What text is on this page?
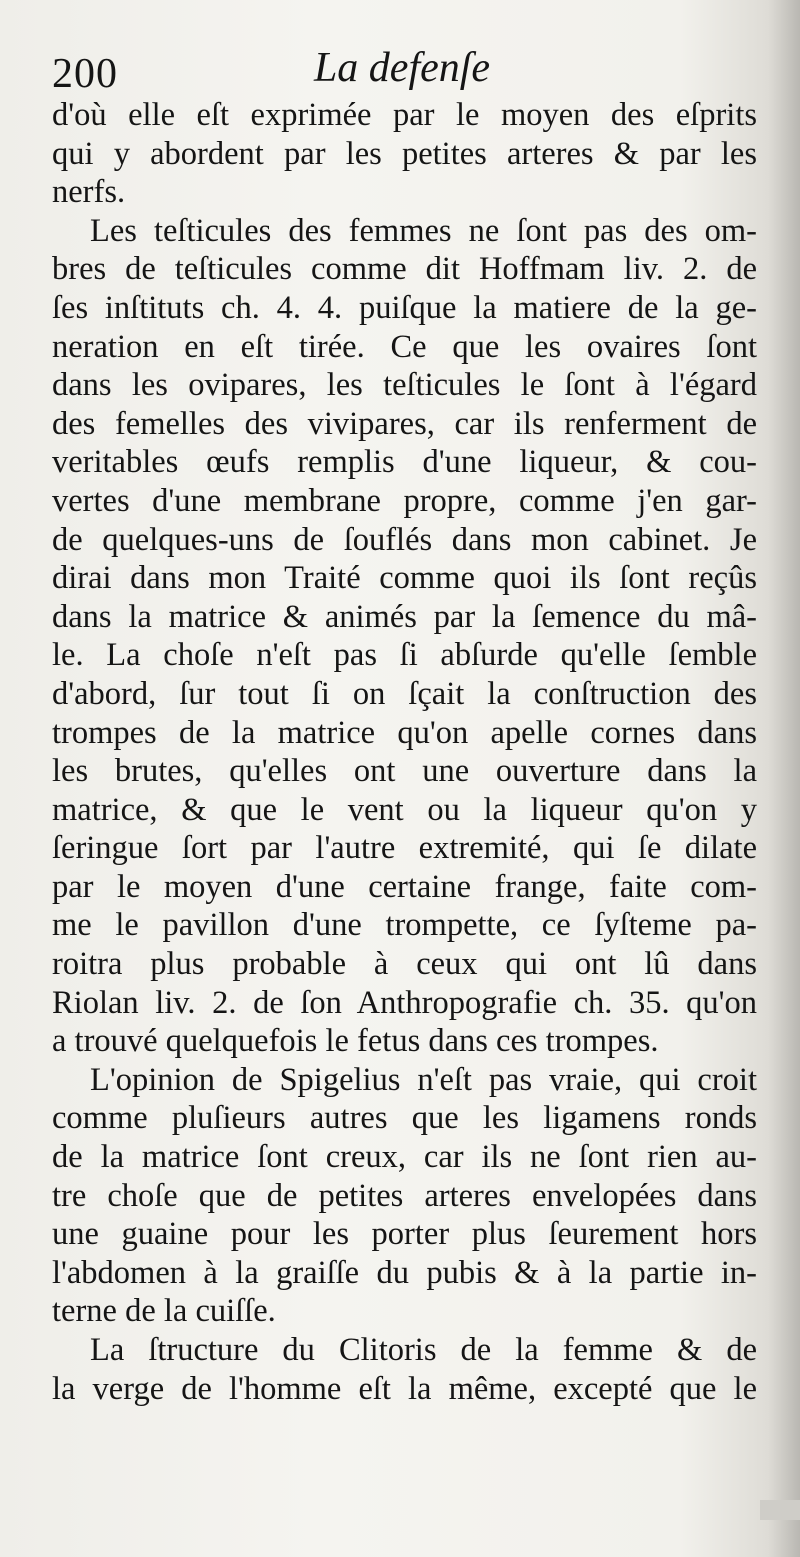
200	La defenſe
d'où elle eſt exprimée par le moyen des eſprits
qui y abordent par les petites arteres & par les
nerfs.
Les teſticules des femmes ne ſont pas des om-
bres de teſticules comme dit Hoffmam liv. 2. de
ſes inſtituts ch. 4. 4. puiſque la matiere de la ge-
neration en eſt tirée. Ce que les ovaires ſont
dans les ovipares, les teſticules le ſont à l'égard
des femelles des vivipares, car ils renferment de
veritables œufs remplis d'une liqueur, & cou-
vertes d'une membrane propre, comme j'en gar-
de quelques-uns de ſouflés dans mon cabinet. Je
dirai dans mon Traité comme quoi ils ſont reçûs
dans la matrice & animés par la ſemence du mâ-
le. La choſe n'eſt pas ſi abſurde qu'elle ſemble
d'abord, ſur tout ſi on ſçait la conſtruction des
trompes de la matrice qu'on apelle cornes dans
les brutes, qu'elles ont une ouverture dans la
matrice, & que le vent ou la liqueur qu'on y
ſeringue ſort par l'autre extremité, qui ſe dilate
par le moyen d'une certaine frange, faite com-
me le pavillon d'une trompette, ce ſyſteme pa-
roitra plus probable à ceux qui ont lû dans
Riolan liv. 2. de ſon Anthropografie ch. 35. qu'on
a trouvé quelquefois le fetus dans ces trompes.
L'opinion de Spigelius n'eſt pas vraie, qui croit
comme pluſieurs autres que les ligamens ronds
de la matrice ſont creux, car ils ne ſont rien au-
tre choſe que de petites arteres envelopées dans
une guaine pour les porter plus ſeurement hors
l'abdomen à la graiſſe du pubis & à la partie in-
terne de la cuiſſe.
La ſtructure du Clitoris de la femme & de
la verge de l'homme eſt la même, excepté que le
